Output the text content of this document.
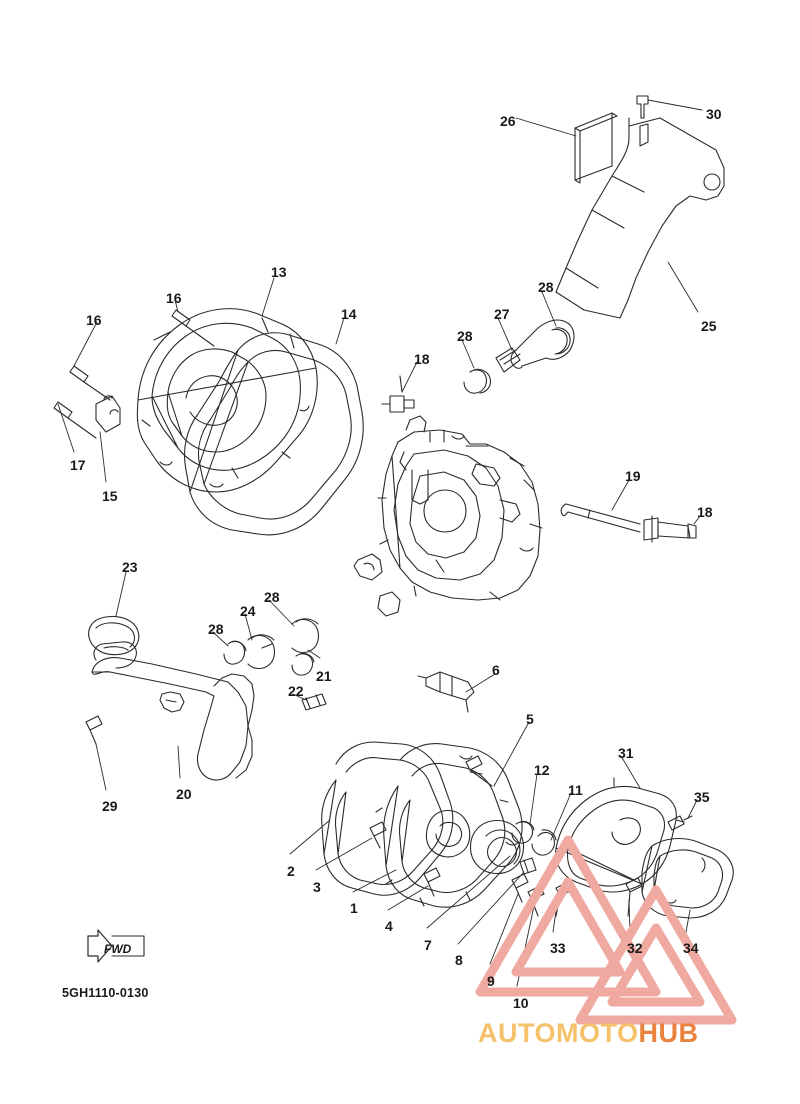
AUTOMOTOHUB
FWD
5GH1110-0130
16
16
13
14
17
15
18
28
27
28
26	30
25
19
18
23
28
24
28
21
22
20
29
6
5
12
11
31
35
2
3
1
4
7
8
9
10
33	32	34
